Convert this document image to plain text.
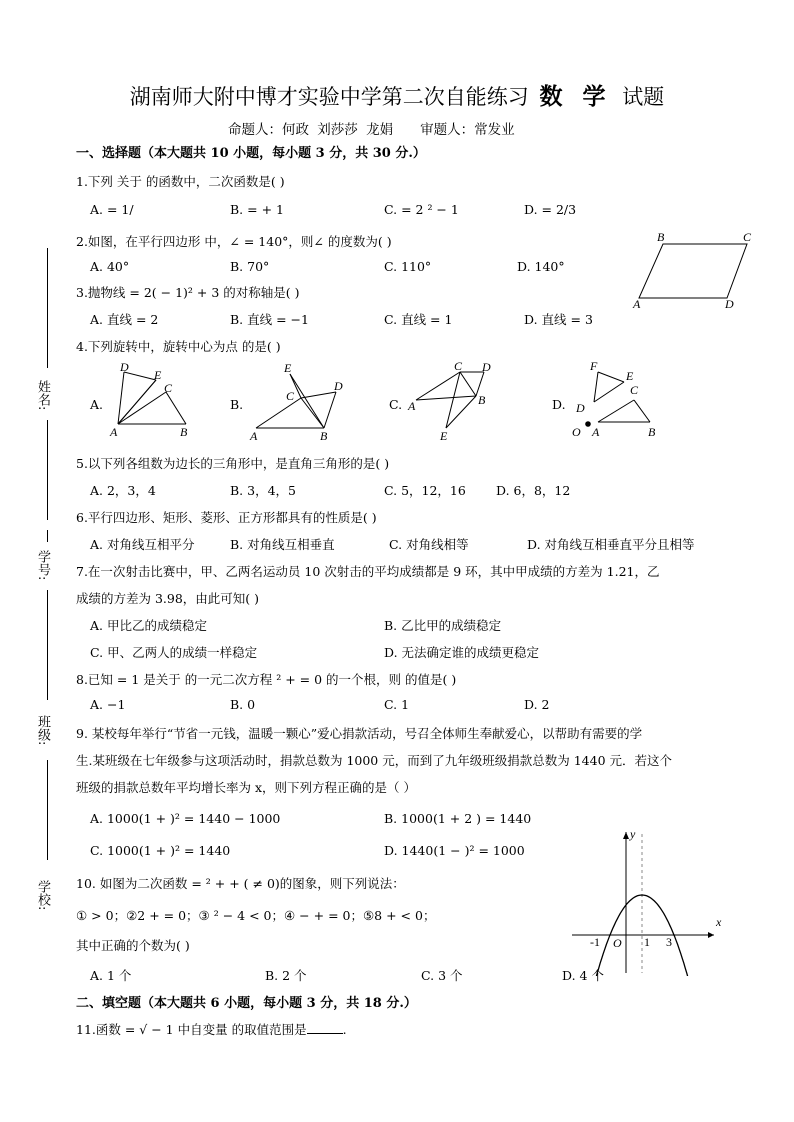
湖南师大附中博才实验中学第二次自能练习 数 学 试题
命题人：何政 刘莎莎 龙娟　　审题人：常发业
姓名:
学号:
班级:
学校:
一、选择题（本大题共 10 小题，每小题 3 分，共 30 分.）
1.下列 关于 的函数中，二次函数是( )
A. = 1/	B. = + 1	C. = 2 ² − 1	D. = 2/3
2.如图，在平行四边形 中，∠ = 140°，则∠ 的度数为( )
A. 40°	B. 70°	C. 110°	D. 140°
B	C
A	D
3.抛物线 = 2( − 1)² + 3 的对称轴是( )
A. 直线 = 2	B. 直线 = −1	C. 直线 = 1	D. 直线 = 3
4.下列旋转中，旋转中心为点 的是( )
A.	B.	C.	D.
D
E
C
A	B
E
D
C
A	B
C D
A	B
E
F
E
C
D
O A	B
5.以下列各组数为边长的三角形中，是直角三角形的是( )
A. 2，3，4	B. 3，4，5	C. 5，12，16 D. 6，8，12
6.平行四边形、矩形、菱形、正方形都具有的性质是( )
A. 对角线互相平分	B. 对角线互相垂直	C. 对角线相等	D. 对角线互相垂直平分且相等
7.在一次射击比赛中，甲、乙两名运动员 10 次射击的平均成绩都是 9 环，其中甲成绩的方差为 1.21，乙
成绩的方差为 3.98，由此可知( )
A. 甲比乙的成绩稳定	B. 乙比甲的成绩稳定
C. 甲、乙两人的成绩一样稳定	D. 无法确定谁的成绩更稳定
8.已知 = 1 是关于 的一元二次方程 ² + = 0 的一个根，则 的值是( )
A. −1	B. 0	C. 1	D. 2
9. 某校每年举行“节省一元钱，温暖一颗心”爱心捐款活动，号召全体师生奉献爱心，以帮助有需要的学
生.某班级在七年级参与这项活动时，捐款总数为 1000 元，而到了九年级班级捐款总数为 1440 元．若这个
班级的捐款总数年平均增长率为 x，则下列方程正确的是（ ）
A. 1000(1 + )² = 1440 − 1000	B. 1000(1 + 2 ) = 1440
C. 1000(1 + )² = 1440	D. 1440(1 − )² = 1000
10. 如图为二次函数 = ² + + ( ≠ 0)的图象，则下列说法：
① > 0；②2 + = 0；③ ² − 4 < 0；④ − + = 0；⑤8 + < 0；
其中正确的个数为( )
A. 1 个	B. 2 个	C. 3 个	D. 4 个
y
x
O
-1	1 3
二、填空题（本大题共 6 小题，每小题 3 分，共 18 分.）
11.函数 = √ − 1 中自变量 的取值范围是	.
